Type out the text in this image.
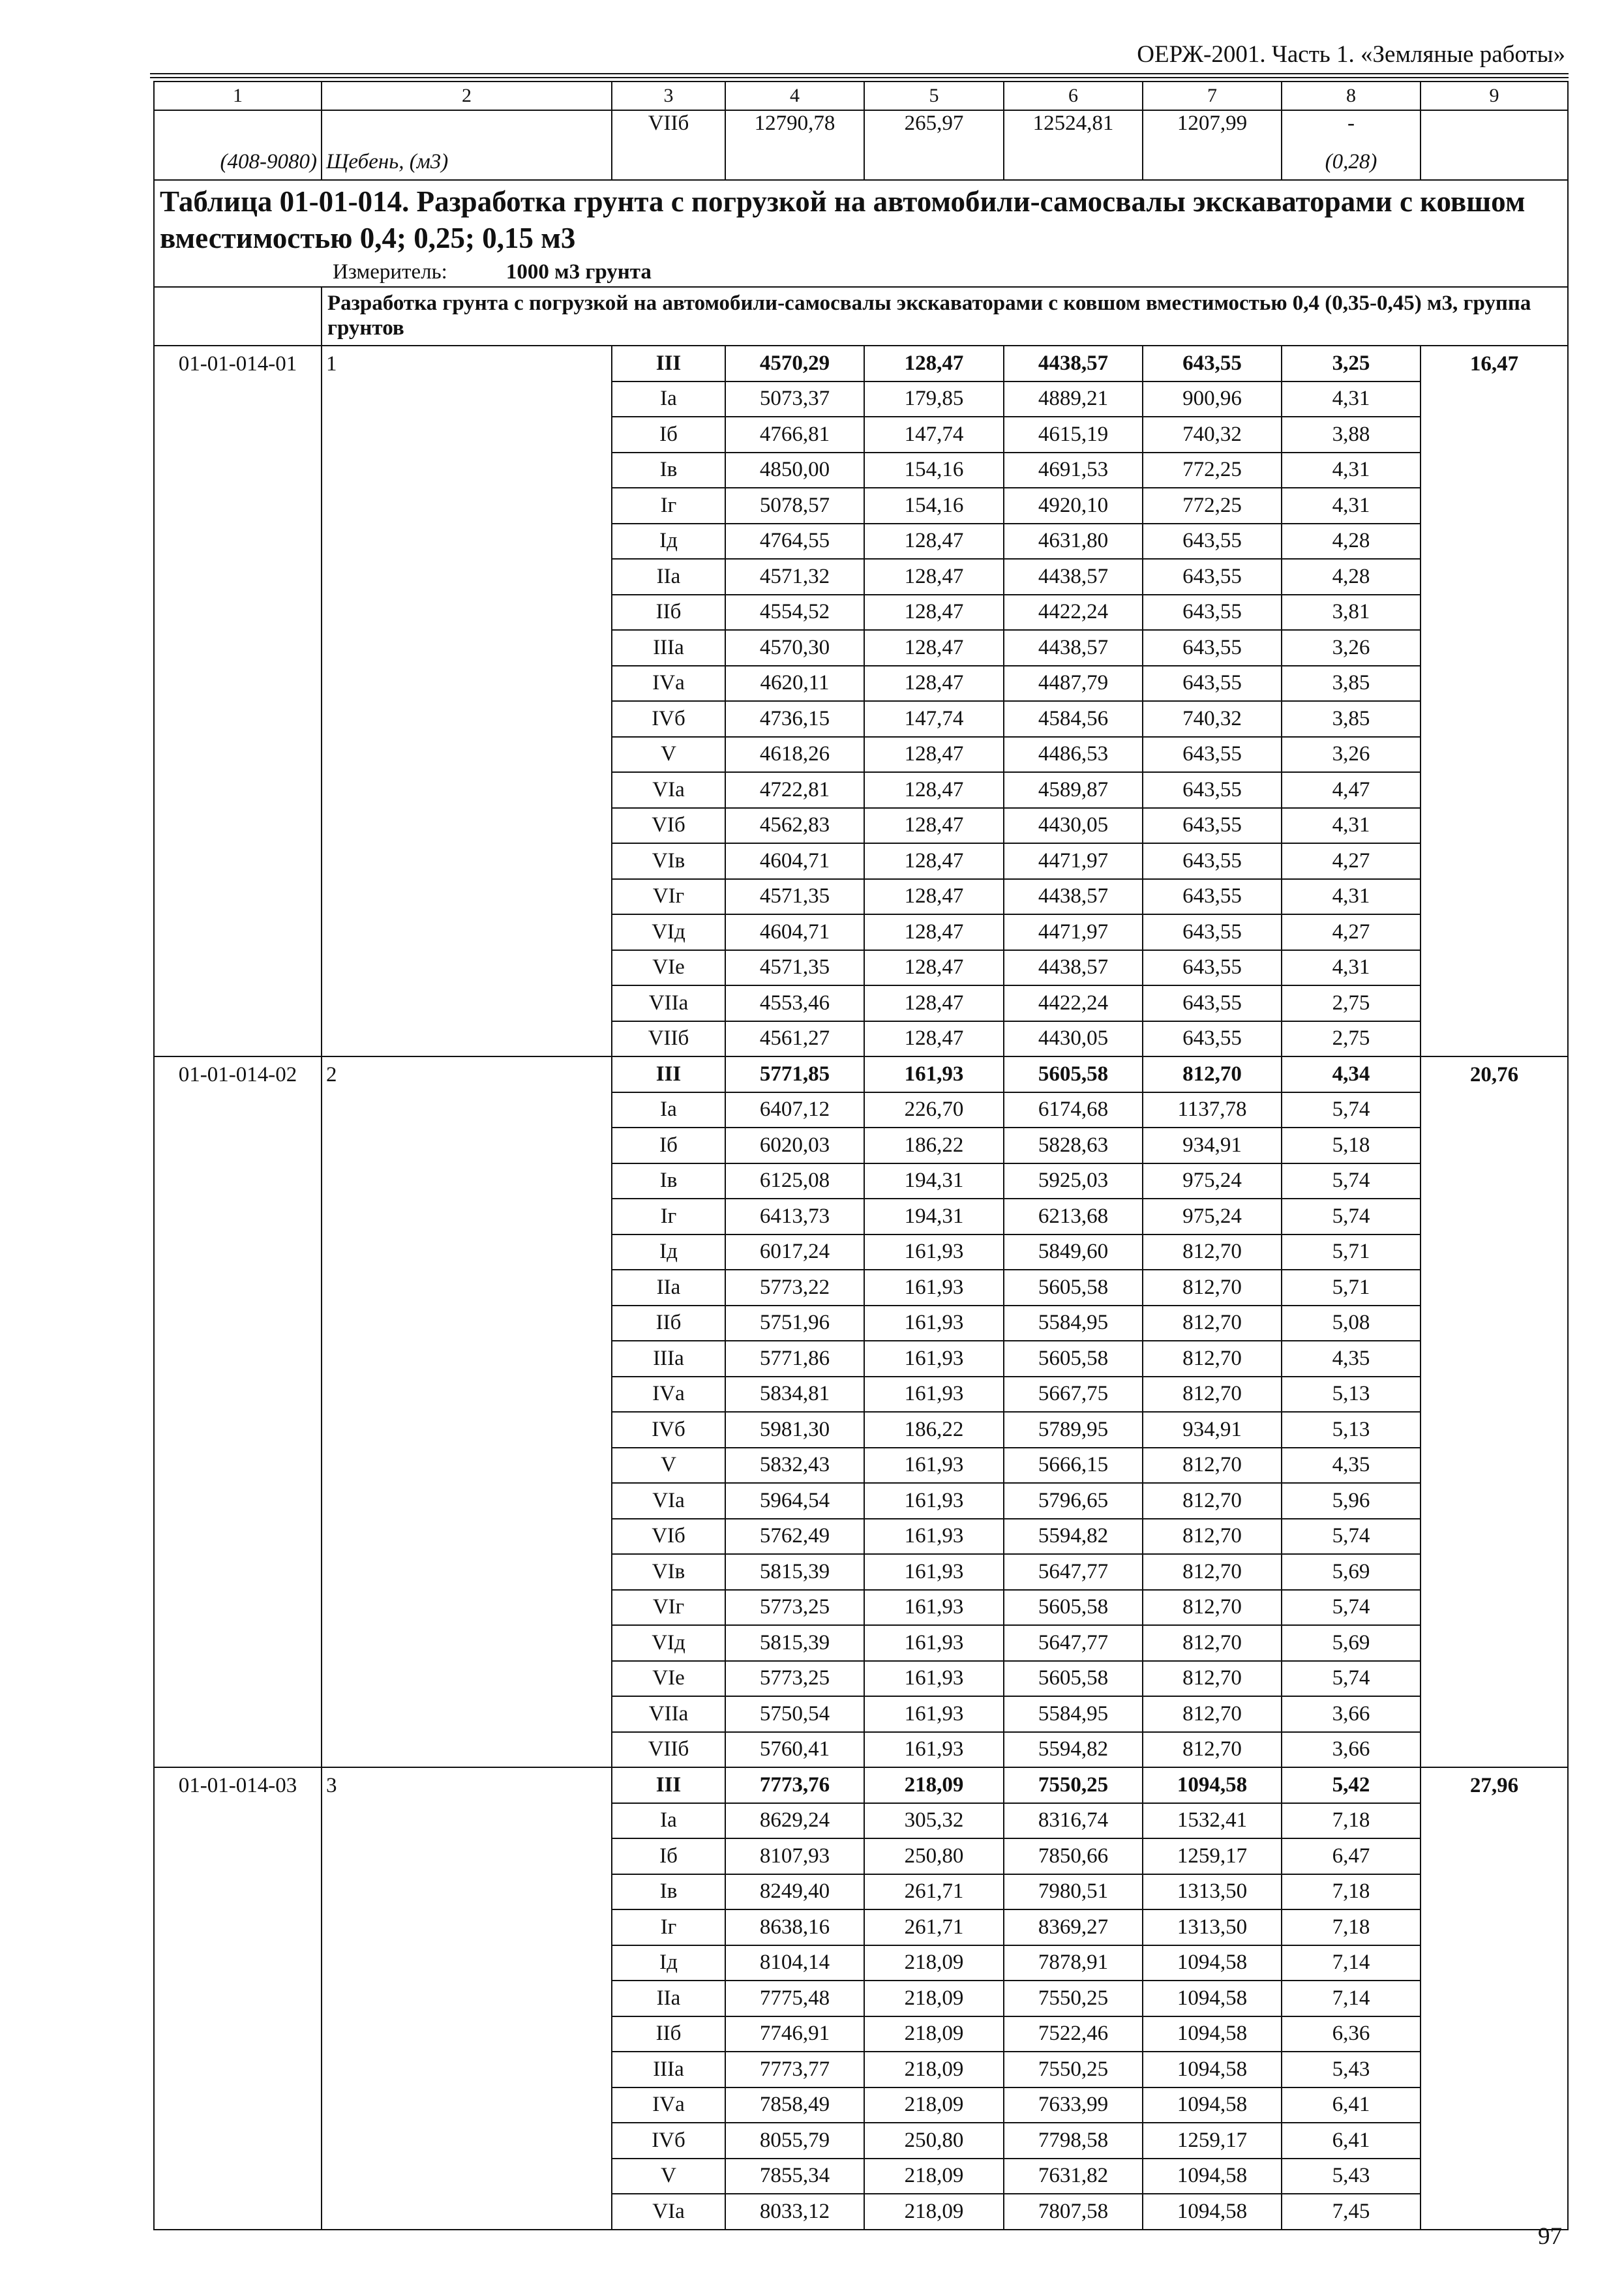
ОЕРЖ-2001. Часть 1. «Земляные работы»
1	2	3	4	5	6	7	8	9
		VIIб	12790,78	265,97	12524,81	1207,99	-	
(408-9080)	Щебень, (м3)						(0,28)	

Таблица 01-01-014. Разработка грунта с погрузкой на автомобили-самосвалы экскаваторами с ковшом вместимостью 0,4; 0,25; 0,15 м3
Измеритель: 1000 м3 грунта								

	Разработка грунта с погрузкой на автомобили-самосвалы экскаваторами с ковшом вместимостью 0,4 (0,35-0,45) м3, группа грунтов							
01-01-014-01	1	III	4570,29	128,47	4438,57	643,55	3,25	16,47
		Iа	5073,37	179,85	4889,21	900,96	4,31	
		Iб	4766,81	147,74	4615,19	740,32	3,88	
		Iв	4850,00	154,16	4691,53	772,25	4,31	
		Iг	5078,57	154,16	4920,10	772,25	4,31	
		Iд	4764,55	128,47	4631,80	643,55	4,28	
		IIа	4571,32	128,47	4438,57	643,55	4,28	
		IIб	4554,52	128,47	4422,24	643,55	3,81	
		IIIа	4570,30	128,47	4438,57	643,55	3,26	
		IVа	4620,11	128,47	4487,79	643,55	3,85	
		IVб	4736,15	147,74	4584,56	740,32	3,85	
		V	4618,26	128,47	4486,53	643,55	3,26	
		VIа	4722,81	128,47	4589,87	643,55	4,47	
		VIб	4562,83	128,47	4430,05	643,55	4,31	
		VIв	4604,71	128,47	4471,97	643,55	4,27	
		VIг	4571,35	128,47	4438,57	643,55	4,31	
		VIд	4604,71	128,47	4471,97	643,55	4,27	
		VIе	4571,35	128,47	4438,57	643,55	4,31	
		VIIа	4553,46	128,47	4422,24	643,55	2,75	
		VIIб	4561,27	128,47	4430,05	643,55	2,75	
01-01-014-02	2	III	5771,85	161,93	5605,58	812,70	4,34	20,76
		Iа	6407,12	226,70	6174,68	1137,78	5,74	
		Iб	6020,03	186,22	5828,63	934,91	5,18	
		Iв	6125,08	194,31	5925,03	975,24	5,74	
		Iг	6413,73	194,31	6213,68	975,24	5,74	
		Iд	6017,24	161,93	5849,60	812,70	5,71	
		IIа	5773,22	161,93	5605,58	812,70	5,71	
		IIб	5751,96	161,93	5584,95	812,70	5,08	
		IIIа	5771,86	161,93	5605,58	812,70	4,35	
		IVа	5834,81	161,93	5667,75	812,70	5,13	
		IVб	5981,30	186,22	5789,95	934,91	5,13	
		V	5832,43	161,93	5666,15	812,70	4,35	
		VIа	5964,54	161,93	5796,65	812,70	5,96	
		VIб	5762,49	161,93	5594,82	812,70	5,74	
		VIв	5815,39	161,93	5647,77	812,70	5,69	
		VIг	5773,25	161,93	5605,58	812,70	5,74	
		VIд	5815,39	161,93	5647,77	812,70	5,69	
		VIе	5773,25	161,93	5605,58	812,70	5,74	
		VIIа	5750,54	161,93	5584,95	812,70	3,66	
		VIIб	5760,41	161,93	5594,82	812,70	3,66	
01-01-014-03	3	III	7773,76	218,09	7550,25	1094,58	5,42	27,96
		Iа	8629,24	305,32	8316,74	1532,41	7,18	
		Iб	8107,93	250,80	7850,66	1259,17	6,47	
		Iв	8249,40	261,71	7980,51	1313,50	7,18	
		Iг	8638,16	261,71	8369,27	1313,50	7,18	
		Iд	8104,14	218,09	7878,91	1094,58	7,14	
		IIа	7775,48	218,09	7550,25	1094,58	7,14	
		IIб	7746,91	218,09	7522,46	1094,58	6,36	
		IIIа	7773,77	218,09	7550,25	1094,58	5,43	
		IVа	7858,49	218,09	7633,99	1094,58	6,41	
		IVб	8055,79	250,80	7798,58	1259,17	6,41	
		V	7855,34	218,09	7631,82	1094,58	5,43	
		VIа	8033,12	218,09	7807,58	1094,58	7,45	
97
